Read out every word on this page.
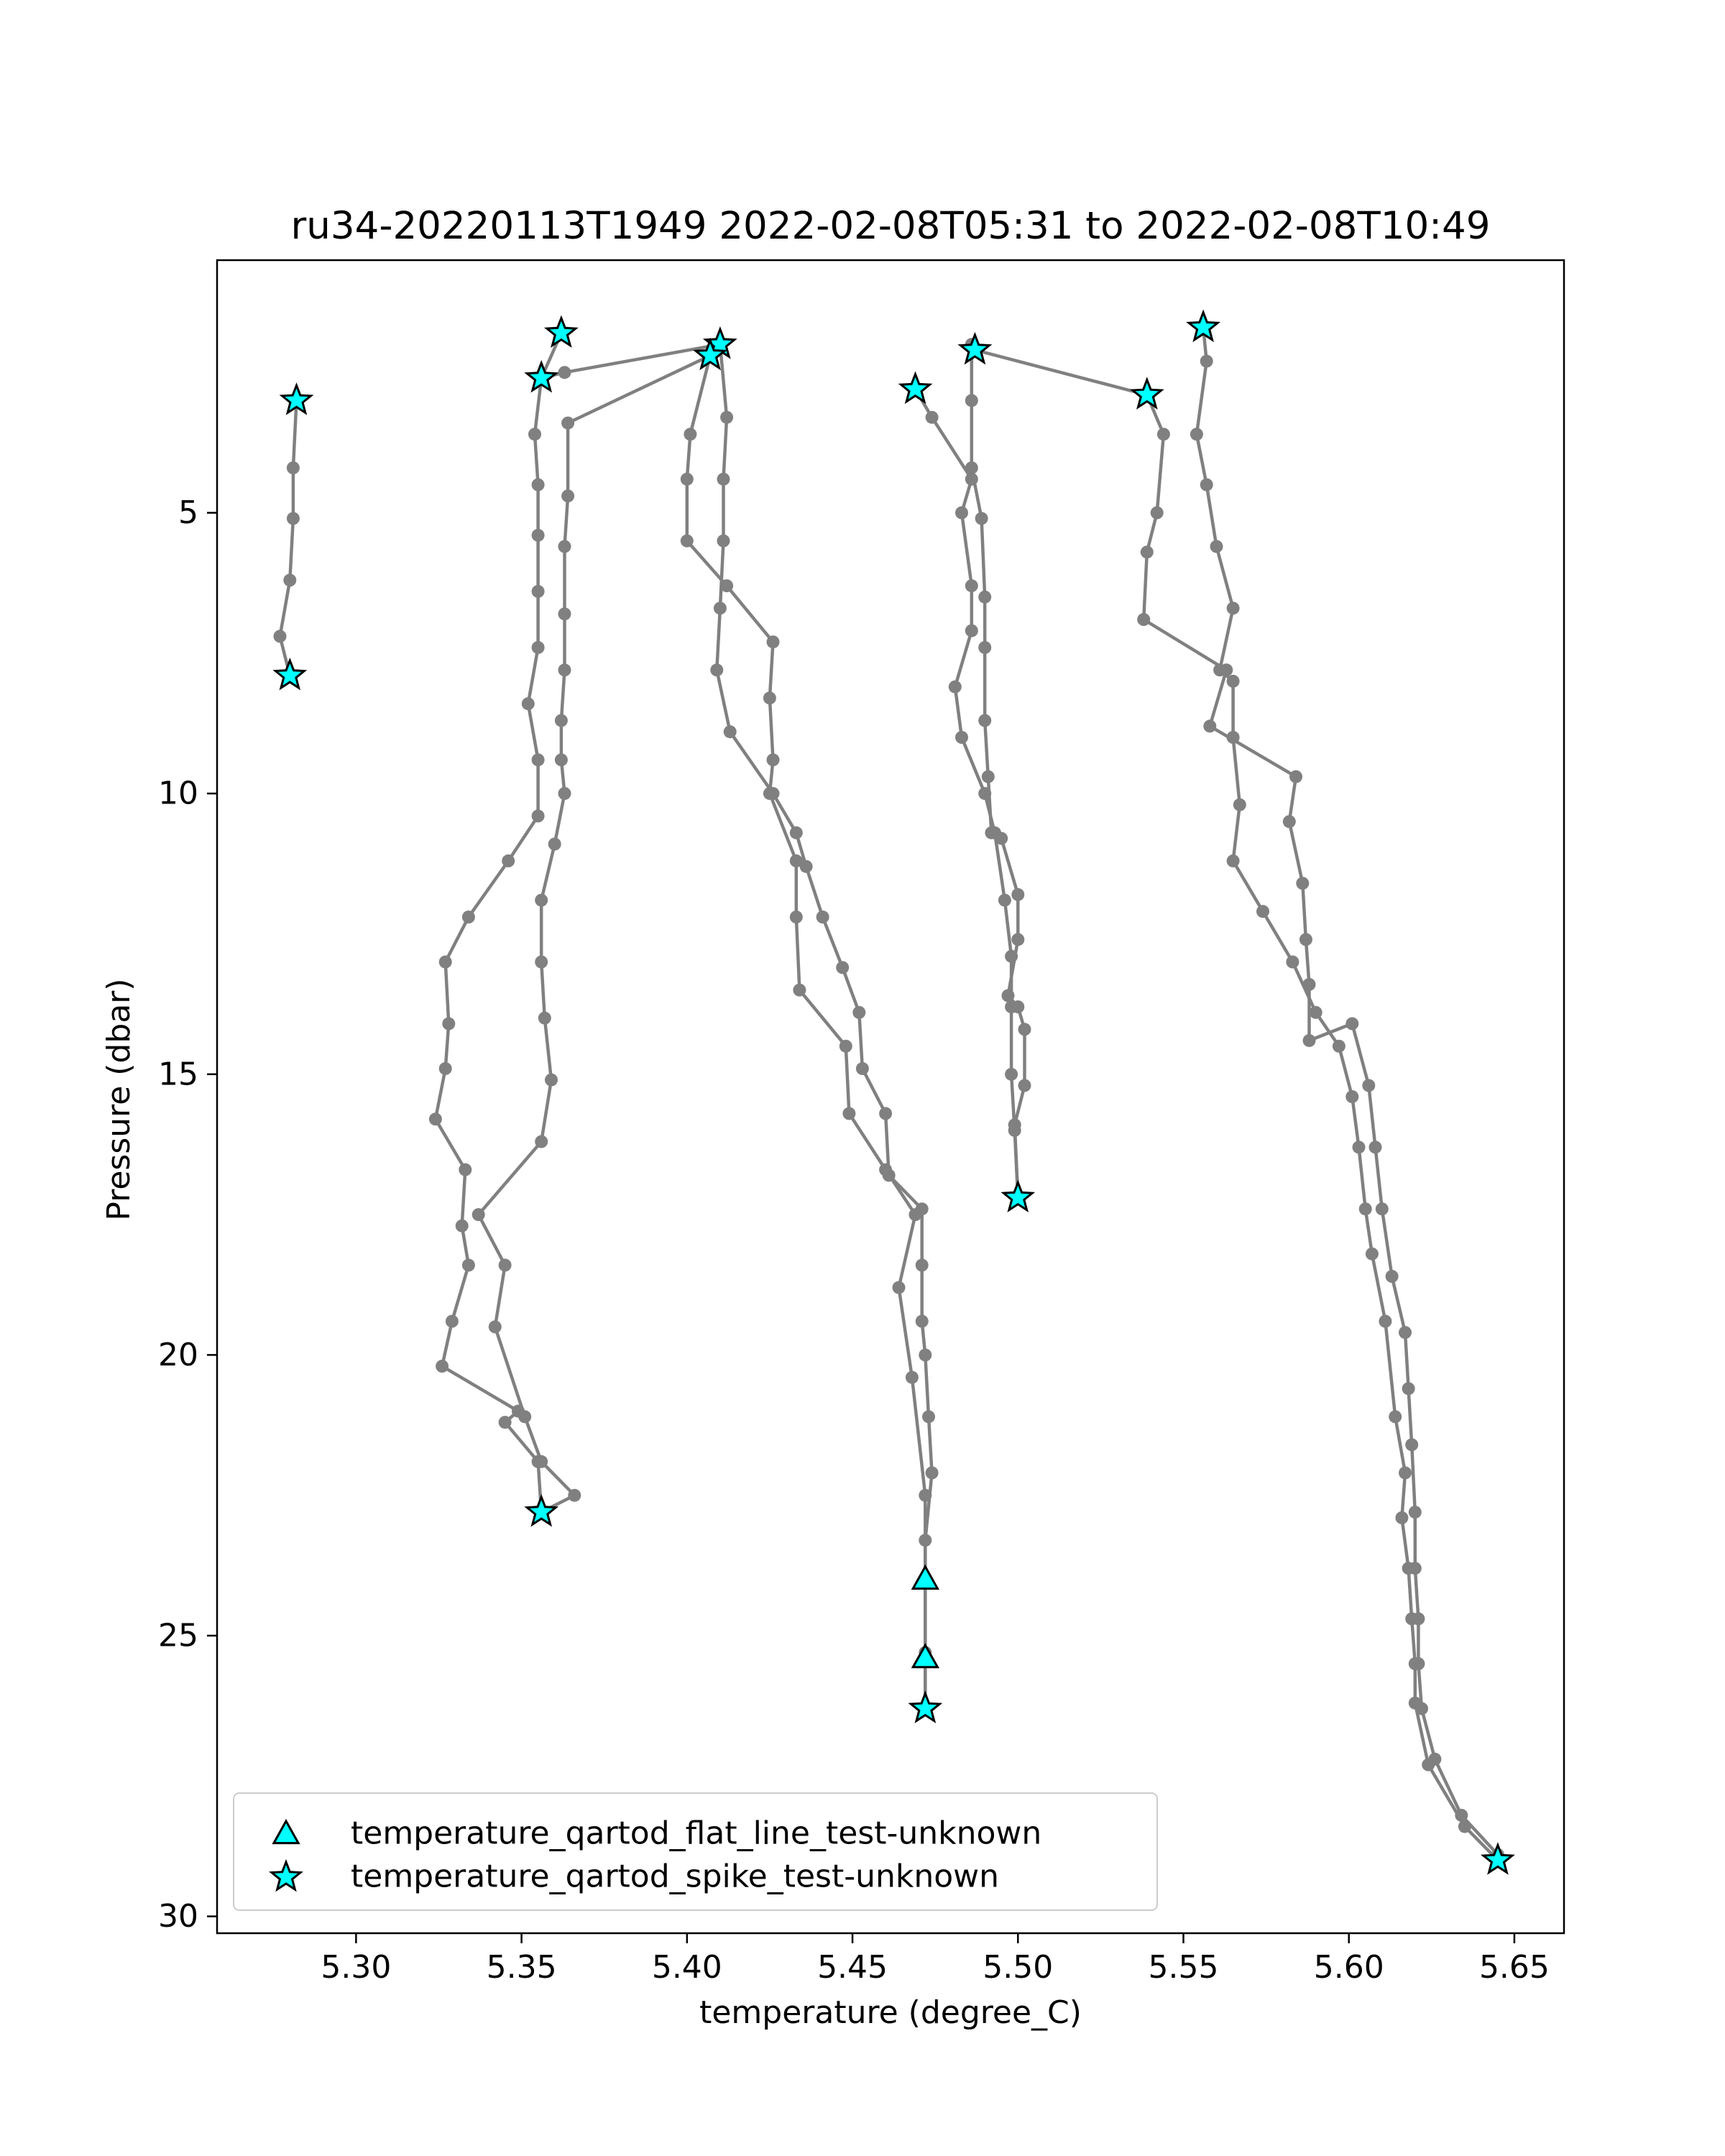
ru34-20220113T1949 2022-02-08T05:31 to 2022-02-08T10:49
5.30	5.35	5.40	5.45	5.50	5.55	5.60	5.65
5
10
15
20
25
30
temperature (degree_C)
Pressure (dbar)
temperature_qartod_flat_line_test-unknown
temperature_qartod_spike_test-unknown
